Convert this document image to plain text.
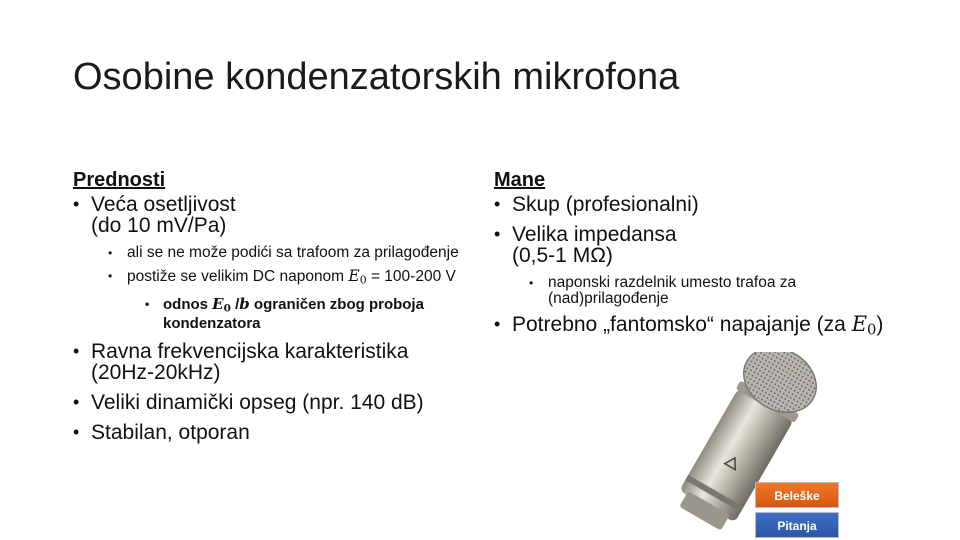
Osobine kondenzatorskih mikrofona
Prednosti
• Veća osetljivost
(do 10 mV/Pa)
• ali se ne može podići sa trafoom za prilagođenje
• postiže se velikim DC naponom $E_0 = 100-200$ V
• odnos $E_0$ /b ograničen zbog proboja kondenzatora
• Ravna frekvencijska karakteristika (20Hz-20kHz)
• Veliki dinamički opseg (npr. 140 dB)
• Stabilan, otporan
Mane
• Skup (profesionalni)
• Velika impedansa
(0,5-1 MΩ)
• naponski razdelnik umesto trafoa za (nad)prilagođenje
• Potrebno „fantomsko“ napajanje (za $E_0$)
Beleške
Pitanja
